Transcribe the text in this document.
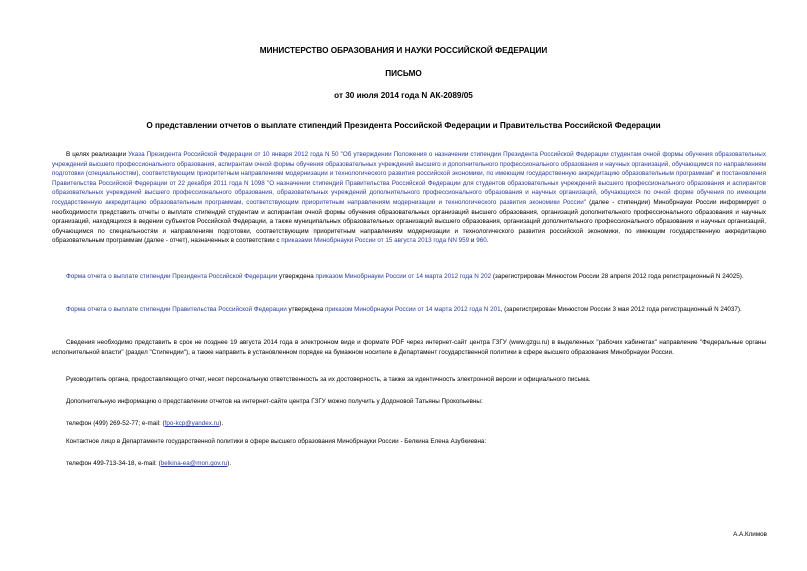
МИНИСТЕРСТВО ОБРАЗОВАНИЯ И НАУКИ РОССИЙСКОЙ ФЕДЕРАЦИИ
ПИСЬМО
от 30 июля 2014 года N АК-2089/05
О представлении отчетов о выплате стипендий Президента Российской Федерации и Правительства Российской Федерации
В целях реализации Указа Президента Российской Федерации от 10 января 2012 года N 50 "Об утверждении Положения о назначении стипендии Президента Российской Федерации студентам очной формы обучения образовательных учреждений высшего профессионального образования, аспирантам очной формы обучения образовательных учреждений высшего и дополнительного профессионального образования и научных организаций, обучающимся по направлениям подготовки (специальностям), соответствующим приоритетным направлениям модернизации и технологического развития российской экономики, по имеющим государственную аккредитацию образовательным программам" и постановления Правительства Российской Федерации от 22 декабря 2011 года N 1098 "О назначении стипендий Правительства Российской Федерации для студентов образовательных учреждений высшего профессионального образования и аспирантов образовательных учреждений высшего профессионального образования, образовательных учреждений дополнительного профессионального образования и научных организаций, обучающихся по очной форме обучения по имеющим государственную аккредитацию образовательным программам, соответствующим приоритетным направлениям модернизации и технологического развития экономики России" (далее - стипендии) Минобрнауки России информирует о необходимости представить отчеты о выплате стипендий студентам и аспирантам очной формы обучения образовательных организаций высшего образования, организаций дополнительного профессионального образования и научных организаций, находящихся в ведении субъектов Российской Федерации, а также муниципальных образовательных организаций высшего образования, организаций дополнительного профессионального образования и научных организаций, обучающимся по специальностям и направлениям подготовки, соответствующим приоритетным направлениям модернизации и технологического развития российской экономики, по имеющим государственную аккредитацию образовательным программам (далее - отчет), назначенных в соответствии с приказами Минобрнауки России от 15 августа 2013 года NN 959 и 960.
Форма отчета о выплате стипендии Президента Российской Федерации утверждена приказом Минобрнауки России от 14 марта 2012 года N 202 (зарегистрирован Минюстом России 28 апреля 2012 года регистрационный N 24025).
Форма отчета о выплате стипендии Правительства Российской Федерации утверждена приказом Минобрнауки России от 14 марта 2012 года N 201, (зарегистрирован Минюстом России 3 мая 2012 года регистрационный N 24037).
Сведения необходимо представить в срок не позднее 19 августа 2014 года в электронном виде и формате PDF через интернет-сайт центра ГЗГУ (www.gzgu.ru) в выделенных "рабочих кабинетах" направление "Федеральные органы исполнительной власти" (раздел "Стипендии"), а также направить в установленном порядке на бумажном носителе в Департамент государственной политики в сфере высшего образования Минобрнауки России.
Руководитель органа, предоставляющего отчет, несет персональную ответственность за их достоверность, а также за идентичность электронной версии и официального письма.
Дополнительную информацию о представлении отчетов на интернет-сайте центра ГЗГУ можно получить у Додоновой Татьяны Прокопьевны:
телефон (499) 269-52-77; e-mail: (fpo-kcp@yandex.ru).
Контактное лицо в Департаменте государственной политики в сфере высшего образования Минобрнауки России - Белкина Елена Азубкиевна:
телефон 499-713-34-18, e-mail: (belkina-ea@mon.gov.ru).
А.А.Климов
